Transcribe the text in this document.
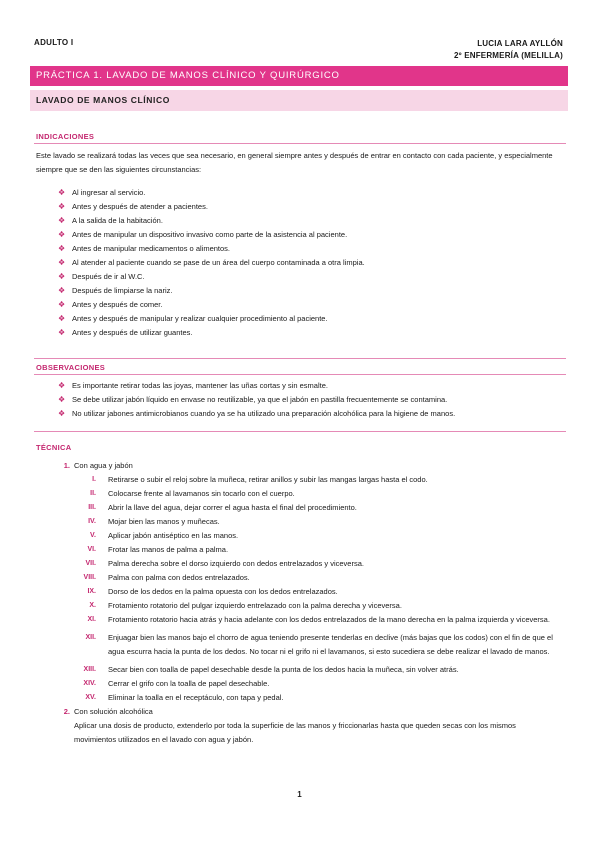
ADULTO I	LUCIA LARA AYLLÓN
2º ENFERMERÍA (MELILLA)
PRÁCTICA 1. LAVADO DE MANOS CLÍNICO Y QUIRÚRGICO
LAVADO DE MANOS CLÍNICO
INDICACIONES
Este lavado se realizará todas las veces que sea necesario, en general siempre antes y después de entrar en contacto con cada paciente, y especialmente siempre que se den las siguientes circunstancias:
❖ Al ingresar al servicio.
❖ Antes y después de atender a pacientes.
❖ A la salida de la habitación.
❖ Antes de manipular un dispositivo invasivo como parte de la asistencia al paciente.
❖ Antes de manipular medicamentos o alimentos.
❖ Al atender al paciente cuando se pase de un área del cuerpo contaminada a otra limpia.
❖ Después de ir al W.C.
❖ Después de limpiarse la nariz.
❖ Antes y después de comer.
❖ Antes y después de manipular y realizar cualquier procedimiento al paciente.
❖ Antes y después de utilizar guantes.
OBSERVACIONES
❖ Es importante retirar todas las joyas, mantener las uñas cortas y sin esmalte.
❖ Se debe utilizar jabón líquido en envase no reutilizable, ya que el jabón en pastilla frecuentemente se contamina.
❖ No utilizar jabones antimicrobianos cuando ya se ha utilizado una preparación alcohólica para la higiene de manos.
TÉCNICA
1. Con agua y jabón
I. Retirarse o subir el reloj sobre la muñeca, retirar anillos y subir las mangas largas hasta el codo.
II. Colocarse frente al lavamanos sin tocarlo con el cuerpo.
III. Abrir la llave del agua, dejar correr el agua hasta el final del procedimiento.
IV. Mojar bien las manos y muñecas.
V. Aplicar jabón antiséptico en las manos.
VI. Frotar las manos de palma a palma.
VII. Palma derecha sobre el dorso izquierdo con dedos entrelazados y viceversa.
VIII. Palma con palma con dedos entrelazados.
IX. Dorso de los dedos en la palma opuesta con los dedos entrelazados.
X. Frotamiento rotatorio del pulgar izquierdo entrelazado con la palma derecha y viceversa.
XI. Frotamiento rotatorio hacia atrás y hacia adelante con los dedos entrelazados de la mano derecha en la palma izquierda y viceversa.
XII. Enjuagar bien las manos bajo el chorro de agua teniendo presente tenderlas en declive (más bajas que los codos) con el fin de que el agua escurra hacia la punta de los dedos. No tocar ni el grifo ni el lavamanos, si esto sucediera se debe realizar el lavado de manos.
XIII. Secar bien con toalla de papel desechable desde la punta de los dedos hacia la muñeca, sin volver atrás.
XIV. Cerrar el grifo con la toalla de papel desechable.
XV. Eliminar la toalla en el receptáculo, con tapa y pedal.
2. Con solución alcohólica
Aplicar una dosis de producto, extenderlo por toda la superficie de las manos y friccionarlas hasta que queden secas con los mismos movimientos utilizados en el lavado con agua y jabón.
1
